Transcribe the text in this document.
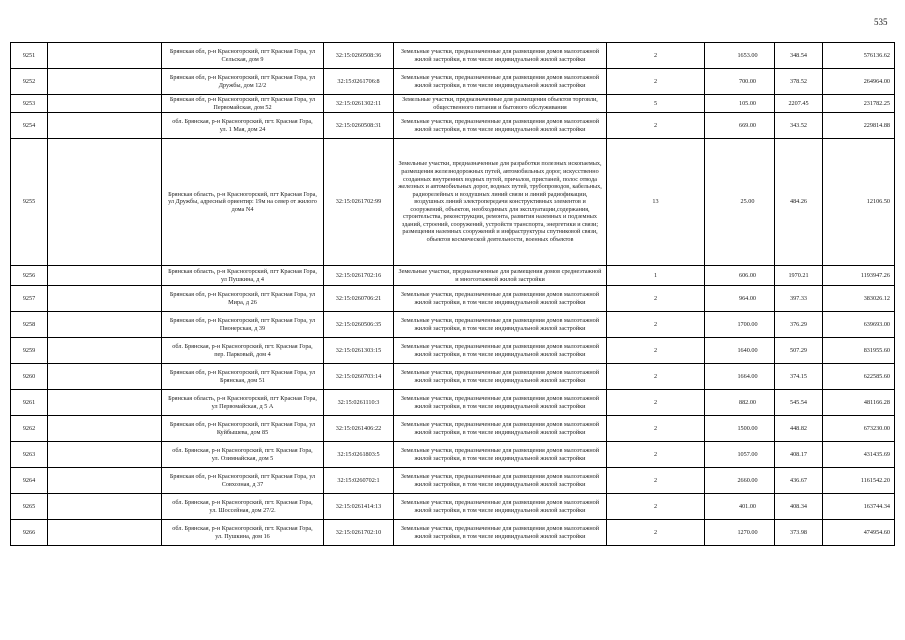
535
9251		Брянская обл, р-н Красногорский, пгт Красная Гора, ул Сельская, дом 9	32:15:0260508:36	Земельные участки, предназначенные для размещения домов малоэтажной жилой застройки, в том числе индивидуальной жилой застройки	2	1653.00	348.54	576136.62
9252		Брянская обл, р-н Красногорский, пгт Красная Гора, ул Дружбы, дом 12/2	32:15:0261706:8	Земельные участки, предназначенные для размещения домов малоэтажной жилой застройки, в том числе индивидуальной жилой застройки	2	700.00	378.52	264964.00
9253		Брянская обл, р-н Красногорский, пгт Красная Гора, ул Первомайская, дом 52	32:15:0261302:11	Земельные участки, предназначенные для размещения объектов торговли, общественного питания и бытового обслуживания	5	105.00	2207.45	231782.25
9254		обл. Брянская, р-н Красногорский, пгт. Красная Гора, ул. 1 Мая, дом 24	32:15:0260508:31	Земельные участки, предназначенные для размещения домов малоэтажной жилой застройки, в том числе индивидуальной жилой застройки	2	669.00	343.52	229814.88
9255		Брянская область, р-н Красногорский, пгт Красная Гора, ул Дружбы, адресный ориентир: 19м на север от жилого дома N4	32:15:0261702:99	Земельные участки, предназначенные для разработки полезных ископаемых, размещения железнодорожных путей, автомобильных дорог, искусственно созданных внутренних водных путей, причалов, пристаней, полос отвода железных и автомобильных дорог, водных путей, трубопроводов, кабельных, радиорелейных и воздушных линий связи и линий радиофикации, воздушных линий электропередачи конструктивных элементов и сооружений, объектов, необходимых для эксплуатации,содержания, строительства, реконструкции, ремонта, развития наземных и подземных зданий, строений, сооружений, устройств транспорта, энергетики и связи; размещения наземных сооружений и инфраструктуры спутниковой связи, объектов космической деятельности, военных объектов	13	25.00	484.26	12106.50
9256		Брянская область, р-н Красногорский, пгт Красная Гора, ул Пушкина, д 4	32:15:0261702:16	Земельные участки, предназначенные для размещения домов среднеэтажной и многоэтажной жилой застройки	1	606.00	1970.21	1193947.26
9257		Брянская обл, р-н Красногорский, пгт Красная Гора, ул Мира, д 26	32:15:0260706:21	Земельные участки, предназначенные для размещения домов малоэтажной жилой застройки, в том числе индивидуальной жилой застройки	2	964.00	397.33	383026.12
9258		Брянская обл, р-н Красногорский, пгт Красная Гора, ул Пионерская, д 39	32:15:0260506:35	Земельные участки, предназначенные для размещения домов малоэтажной жилой застройки, в том числе индивидуальной жилой застройки	2	1700.00	376.29	639693.00
9259		обл. Брянская, р-н Красногорский, пгт. Красная Гора, пер. Парковый, дом 4	32:15:0261303:15	Земельные участки, предназначенные для размещения домов малоэтажной жилой застройки, в том числе индивидуальной жилой застройки	2	1640.00	507.29	831955.60
9260		Брянская обл, р-н Красногорский, пгт Красная Гора, ул Брянская, дом 51	32:15:0260703:14	Земельные участки, предназначенные для размещения домов малоэтажной жилой застройки, в том числе индивидуальной жилой застройки	2	1664.00	374.15	622585.60
9261		Брянская область, р-н Красногорский, пгт Красная Гора, ул Первомайская, д 5 А	32:15:0261110:3	Земельные участки, предназначенные для размещения домов малоэтажной жилой застройки, в том числе индивидуальной жилой застройки	2	882.00	545.54	481166.28
9262		Брянская обл, р-н Красногорский, пгт Красная Гора, ул Куйбышева, дом 85	32:15:0261406:22	Земельные участки, предназначенные для размещения домов малоэтажной жилой застройки, в том числе индивидуальной жилой застройки	2	1500.00	448.82	673230.00
9263		обл. Брянская, р-н Красногорский, пгт. Красная Гора, ул. Озимнайская, дом 5	32:15:0261803:5	Земельные участки, предназначенные для размещения домов малоэтажной жилой застройки, в том числе индивидуальной жилой застройки	2	1057.00	408.17	431435.69
9264		Брянская обл, р-н Красногорский, пгт Красная Гора, ул Совхозная, д 37	32:15:0260702:1	Земельные участки, предназначенные для размещения домов малоэтажной жилой застройки, в том числе индивидуальной жилой застройки	2	2660.00	436.67	1161542.20
9265		обл. Брянская, р-н Красногорский, пгт. Красная Гора, ул. Шоссейная, дом 27/2.	32:15:0261414:13	Земельные участки, предназначенные для размещения домов малоэтажной жилой застройки, в том числе индивидуальной жилой застройки	2	401.00	408.34	163744.34
9266		обл. Брянская, р-н Красногорский, пгт. Красная Гора, ул. Пушкина, дом 16	32:15:0261702:10	Земельные участки, предназначенные для размещения домов малоэтажной жилой застройки, в том числе индивидуальной жилой застройки	2	1270.00	373.98	474954.60
